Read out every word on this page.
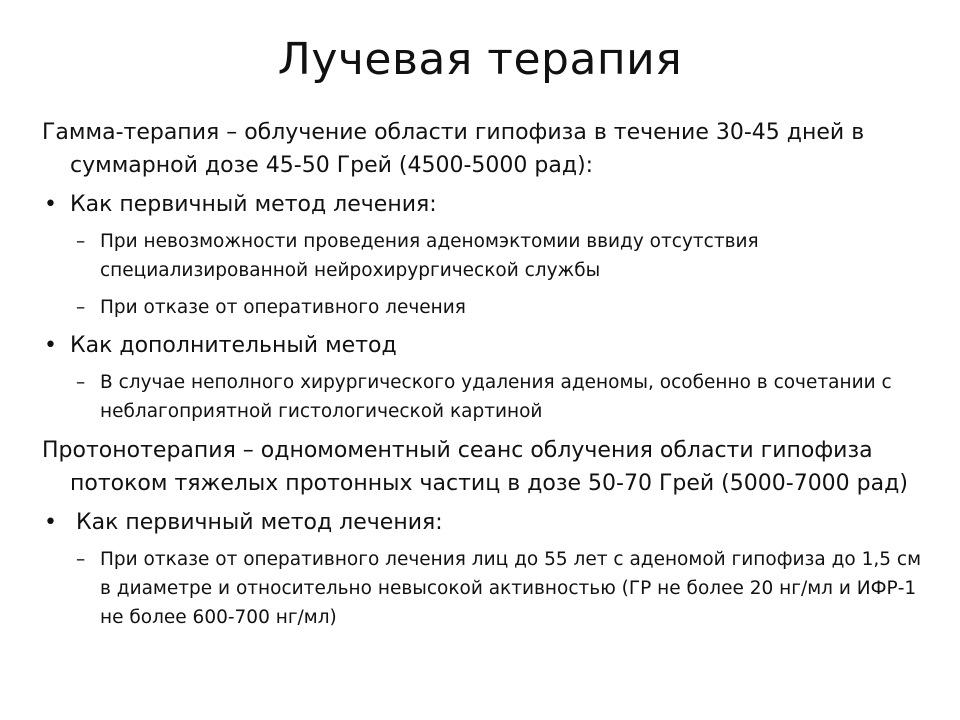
Лучевая терапия
Гамма-терапия – облучение области гипофиза в течение 30-45 дней в суммарной дозе 45-50 Грей (4500-5000 рад):
• Как первичный метод лечения:
– При невозможности проведения аденомэктомии ввиду отсутствия специализированной нейрохирургической службы
– При отказе от оперативного лечения
• Как дополнительный метод
– В случае неполного хирургического удаления аденомы, особенно в сочетании с неблагоприятной гистологической картиной
Протонотерапия – одномоментный сеанс облучения области гипофиза потоком тяжелых протонных частиц в дозе 50-70 Грей (5000-7000 рад)
• Как первичный метод лечения:
– При отказе от оперативного лечения лиц до 55 лет с аденомой гипофиза до 1,5 см в диаметре и относительно невысокой активностью (ГР не более 20 нг/мл и ИФР-1 не более 600-700 нг/мл)
